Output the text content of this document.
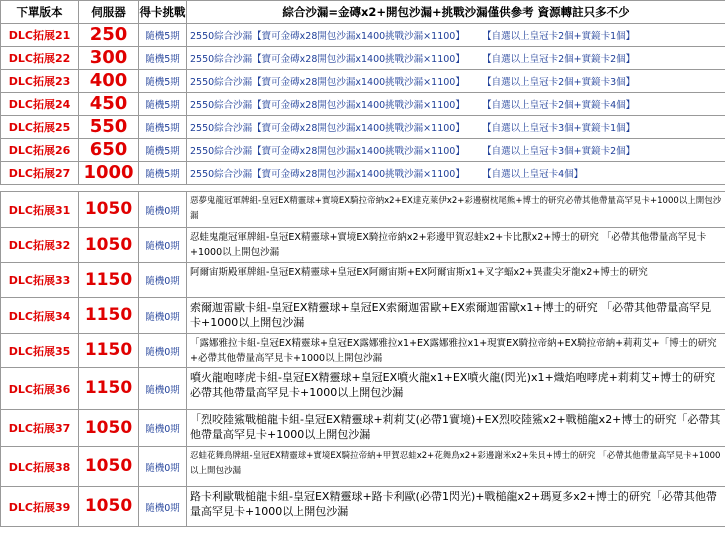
下單版本	伺服器	得卡挑戰	綜合沙漏=金磚x2+開包沙漏+挑戰沙漏僅供參考 資源轉註只多不少
DLC拓展21	250	隨機5期	2550綜合沙漏【寶可金磚x28開包沙漏x1400挑戰沙漏×1100】 【自選以上皇冠卡2個+實鏡卡1個】
DLC拓展22	300	隨機5期	2550綜合沙漏【寶可金磚x28開包沙漏x1400挑戰沙漏×1100】 【自選以上皇冠卡2個+實鏡卡2個】
DLC拓展23	400	隨機5期	2550綜合沙漏【寶可金磚x28開包沙漏x1400挑戰沙漏×1100】 【自選以上皇冠卡2個+實鏡卡3個】
DLC拓展24	450	隨機5期	2550綜合沙漏【寶可金磚x28開包沙漏x1400挑戰沙漏×1100】 【自選以上皇冠卡2個+實鏡卡4個】
DLC拓展25	550	隨機5期	2550綜合沙漏【寶可金磚x28開包沙漏x1400挑戰沙漏×1100】 【自選以上皇冠卡3個+實鏡卡1個】
DLC拓展26	650	隨機5期	2550綜合沙漏【寶可金磚x28開包沙漏x1400挑戰沙漏×1100】 【自選以上皇冠卡3個+實鏡卡2個】
DLC拓展27	1000	隨機5期	2550綜合沙漏【寶可金磚x28開包沙漏x1400挑戰沙漏×1100】 【自選以上皇冠卡4個】

DLC拓展31	1050	隨機0期	惡夢鬼龍冠軍牌組-皇冠EX精靈球+實境EX騎拉帝納x2+EX達克萊伊x2+彩邊樹枕尾熊+博士的研究必帶其他帶量高罕見卡+1000以上開包沙漏
DLC拓展32	1050	隨機0期	忍蛙鬼龍冠軍牌組-皇冠EX精靈球+實境EX騎拉帝納x2+彩邊甲賀忍蛙x2+卡比獸x2+博士的研究 「必帶其他帶量高罕見卡+1000以上開包沙漏
DLC拓展33	1150	隨機0期	阿爾宙斯殿軍牌組-皇冠EX精靈球+皇冠EX阿爾宙斯+EX阿爾宙斯x1+叉字蝠x2+異畫尖牙龍x2+博士的研究
DLC拓展34	1150	隨機0期	索爾迦雷歐卡組-皇冠EX精靈球+皇冠EX索爾迦雷歐+EX索爾迦雷歐x1+博士的研究 「必帶其他帶量高罕見卡+1000以上開包沙漏
DLC拓展35	1150	隨機0期	「露娜雅拉卡組-皇冠EX精靈球+皇冠EX露娜雅拉x1+EX露娜雅拉x1+現實EX騎拉帝納+EX騎拉帝納+莉莉艾+「博士的研究+必帶其他帶量高罕見卡+1000以上開包沙漏
DLC拓展36	1150	隨機0期	噴火龍咆哮虎卡組-皇冠EX精靈球+皇冠EX噴火龍x1+EX噴火龍(閃光)x1+熾焰咆哮虎+莉莉艾+博士的研究必帶其他帶量高罕見卡+1000以上開包沙漏
DLC拓展37	1050	隨機0期	「烈咬陸鯊戰槌龍卡組-皇冠EX精靈球+莉莉艾(必帶1實境)+EX烈咬陸鯊x2+戰槌龍x2+博士的研究「必帶其他帶量高罕見卡+1000以上開包沙漏
DLC拓展38	1050	隨機0期	忍蛙花舞鳥牌組-皇冠EX精靈球+實境EX騎拉帝納+甲賀忍蛙x2+花舞鳥x2+彩邊謝米x2+朱貝+博士的研究 「必帶其他帶量高罕見卡+1000以上開包沙漏
DLC拓展39	1050	隨機0期	路卡利歐戰槌龍卡組-皇冠EX精靈球+路卡利歐(必帶1閃光)+戰槌龍x2+瑪夏多x2+博士的研究「必帶其他帶量高罕見卡+1000以上開包沙漏
